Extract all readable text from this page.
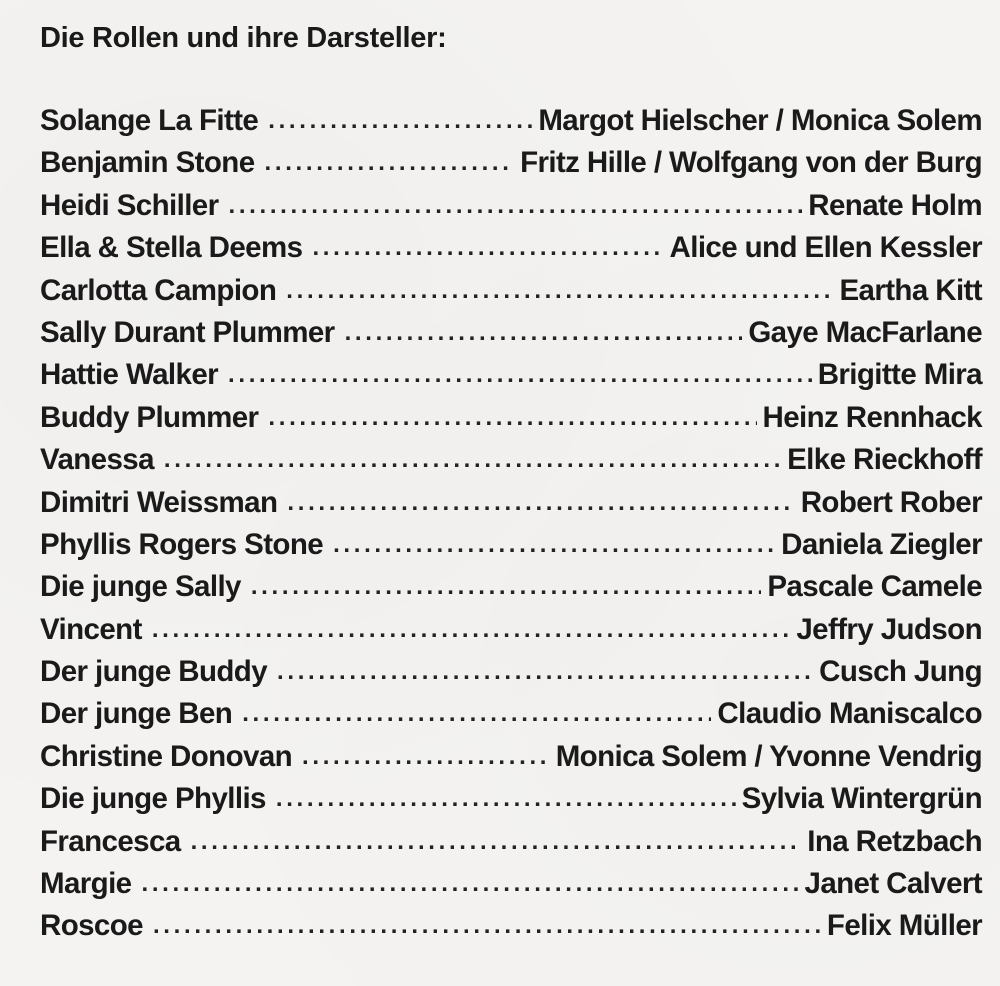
Die Rollen und ihre Darsteller:
Solange La Fitte . . .	Margot Hielscher / Monica Solem
Benjamin Stone . . .	Fritz Hille / Wolfgang von der Burg
Heidi Schiller . . .	Renate Holm
Ella & Stella Deems . . .	Alice und Ellen Kessler
Carlotta Campion . . .	Eartha Kitt
Sally Durant Plummer . . .	Gaye MacFarlane
Hattie Walker . . .	Brigitte Mira
Buddy Plummer . . .	Heinz Rennhack
Vanessa . . .	Elke Rieckhoff
Dimitri Weissman . . .	Robert Rober
Phyllis Rogers Stone . . .	Daniela Ziegler
Die junge Sally . . .	Pascale Camele
Vincent . . .	Jeffry Judson
Der junge Buddy . . .	Cusch Jung
Der junge Ben . . .	Claudio Maniscalco
Christine Donovan . . .	Monica Solem / Yvonne Vendrig
Die junge Phyllis . . .	Sylvia Wintergrün
Francesca . . .	Ina Retzbach
Margie . . .	Janet Calvert
Roscoe . . .	Felix Müller
